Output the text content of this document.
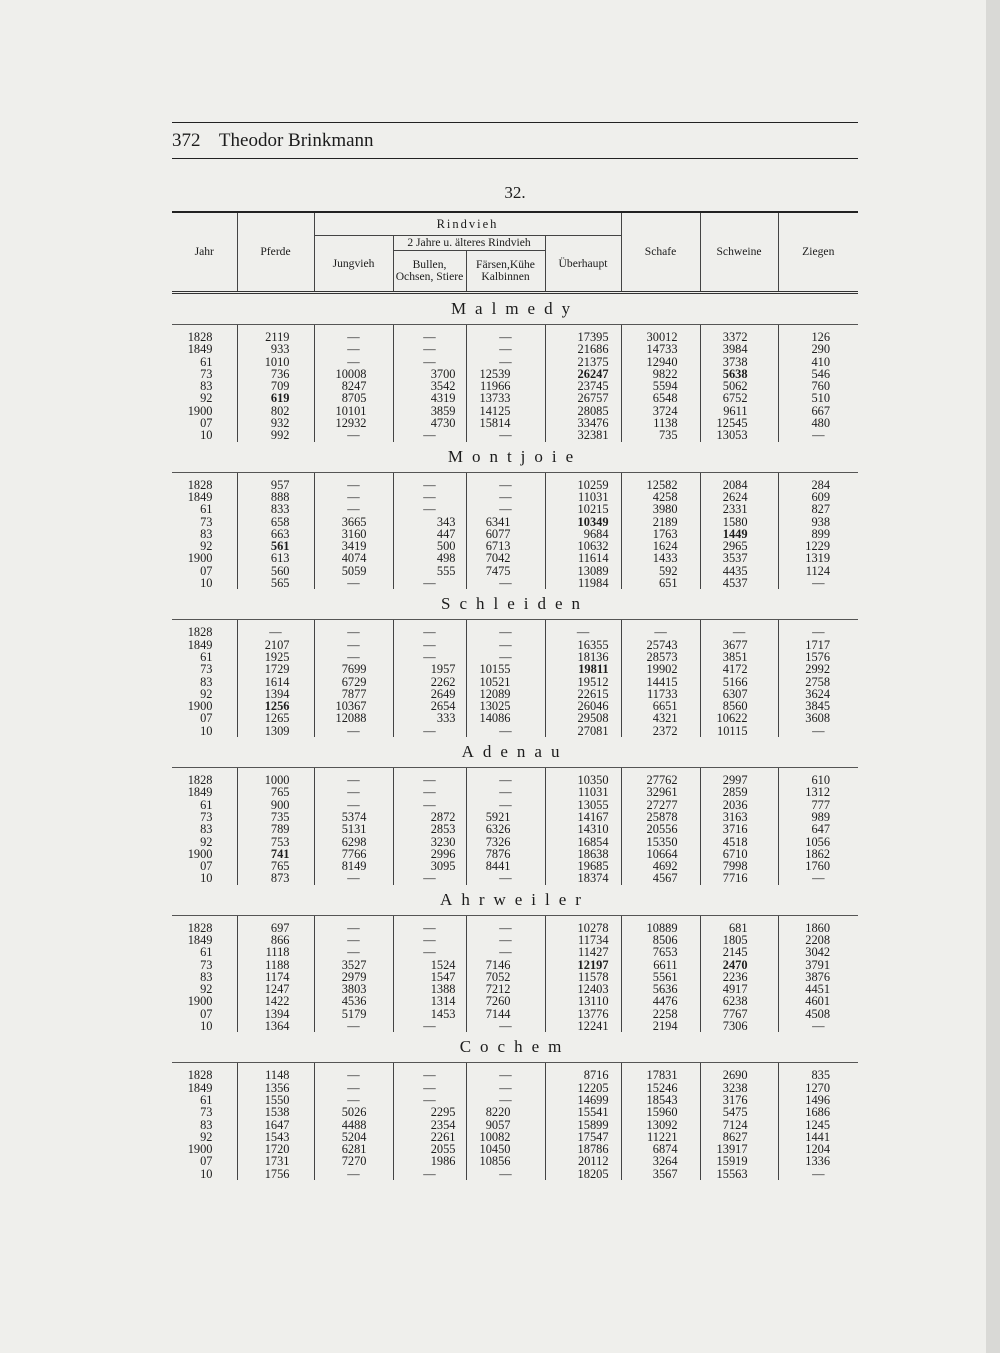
372 Theodor Brinkmann
32.
Jahr	Pferde	Rindvieh				Schafe	Schweine	Ziegen
		Jungvieh	2 Jahre u. älteres Rindvieh		Überhaupt			
			Bullen, Ochsen, Stiere	Färsen,Kühe Kalbinnen				
Malmedy								

1828	2119	—	—	—	17395	30012	3372	126
1849	933	—	—	—	21686	14733	3984	290
61	1010	—	—	—	21375	12940	3738	410
73	736	10008	3700	12539	26247	9822	5638	546
83	709	8247	3542	11966	23745	5594	5062	760
92	619	8705	4319	13733	26757	6548	6752	510
1900	802	10101	3859	14125	28085	3724	9611	667
07	932	12932	4730	15814	33476	1138	12545	480
10	992	—	—	—	32381	735	13053	—
Montjoie								

1828	957	—	—	—	10259	12582	2084	284
1849	888	—	—	—	11031	4258	2624	609
61	833	—	—	—	10215	3980	2331	827
73	658	3665	343	6341	10349	2189	1580	938
83	663	3160	447	6077	9684	1763	1449	899
92	561	3419	500	6713	10632	1624	2965	1229
1900	613	4074	498	7042	11614	1433	3537	1319
07	560	5059	555	7475	13089	592	4435	1124
10	565	—	—	—	11984	651	4537	—
Schleiden								

1828	—	—	—	—	—	—	—	—
1849	2107	—	—	—	16355	25743	3677	1717
61	1925	—	—	—	18136	28573	3851	1576
73	1729	7699	1957	10155	19811	19902	4172	2992
83	1614	6729	2262	10521	19512	14415	5166	2758
92	1394	7877	2649	12089	22615	11733	6307	3624
1900	1256	10367	2654	13025	26046	6651	8560	3845
07	1265	12088	333	14086	29508	4321	10622	3608
10	1309	—	—	—	27081	2372	10115	—
Adenau								

1828	1000	—	—	—	10350	27762	2997	610
1849	765	—	—	—	11031	32961	2859	1312
61	900	—	—	—	13055	27277	2036	777
73	735	5374	2872	5921	14167	25878	3163	989
83	789	5131	2853	6326	14310	20556	3716	647
92	753	6298	3230	7326	16854	15350	4518	1056
1900	741	7766	2996	7876	18638	10664	6710	1862
07	765	8149	3095	8441	19685	4692	7998	1760
10	873	—	—	—	18374	4567	7716	—
Ahrweiler								

1828	697	—	—	—	10278	10889	681	1860
1849	866	—	—	—	11734	8506	1805	2208
61	1118	—	—	—	11427	7653	2145	3042
73	1188	3527	1524	7146	12197	6611	2470	3791
83	1174	2979	1547	7052	11578	5561	2236	3876
92	1247	3803	1388	7212	12403	5636	4917	4451
1900	1422	4536	1314	7260	13110	4476	6238	4601
07	1394	5179	1453	7144	13776	2258	7767	4508
10	1364	—	—	—	12241	2194	7306	—
Cochem								

1828	1148	—	—	—	8716	17831	2690	835
1849	1356	—	—	—	12205	15246	3238	1270
61	1550	—	—	—	14699	18543	3176	1496
73	1538	5026	2295	8220	15541	15960	5475	1686
83	1647	4488	2354	9057	15899	13092	7124	1245
92	1543	5204	2261	10082	17547	11221	8627	1441
1900	1720	6281	2055	10450	18786	6874	13917	1204
07	1731	7270	1986	10856	20112	3264	15919	1336
10	1756	—	—	—	18205	3567	15563	—
